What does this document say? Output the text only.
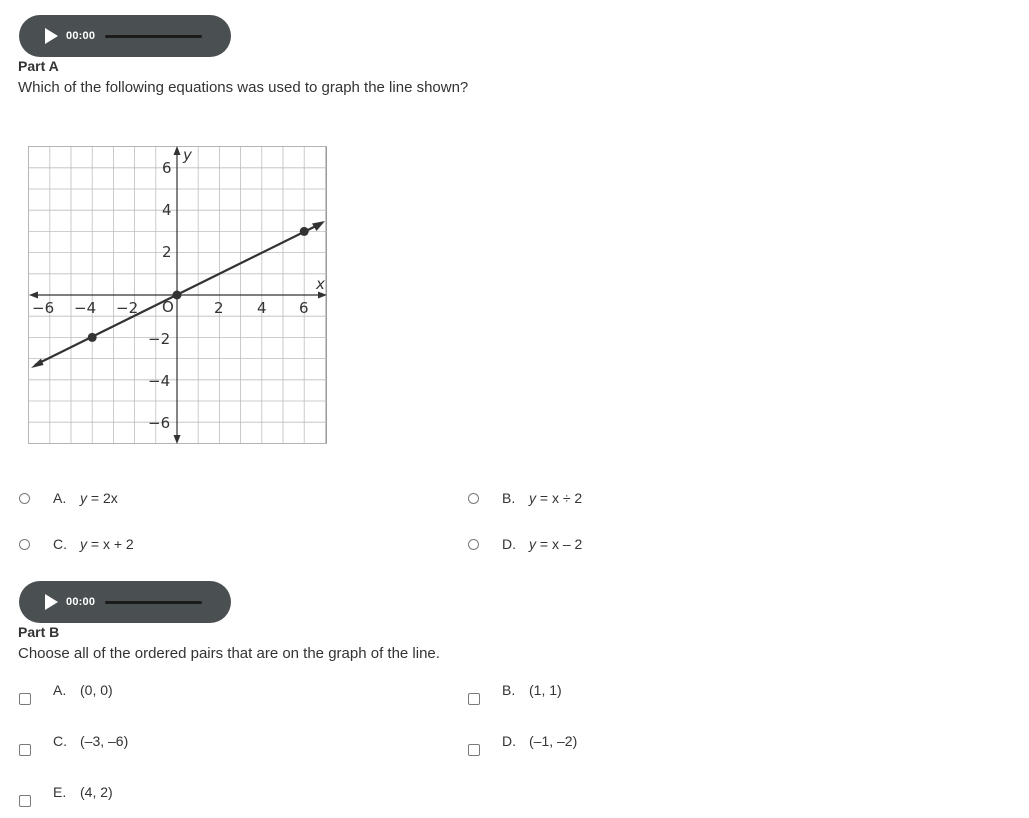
00:00
Part A
Which of the following equations was used to graph the line shown?
x
y
O
−6 −4 −2	2 4 6
6
4
2
−2
−4
−6
A. y = 2x	B. y = x ÷ 2
C. y = x + 2	D. y = x – 2
00:00
Part B
Choose all of the ordered pairs that are on the graph of the line.
A. (0, 0)	B. (1, 1)
C. (–3, –6)	D. (–1, –2)
E. (4, 2)
